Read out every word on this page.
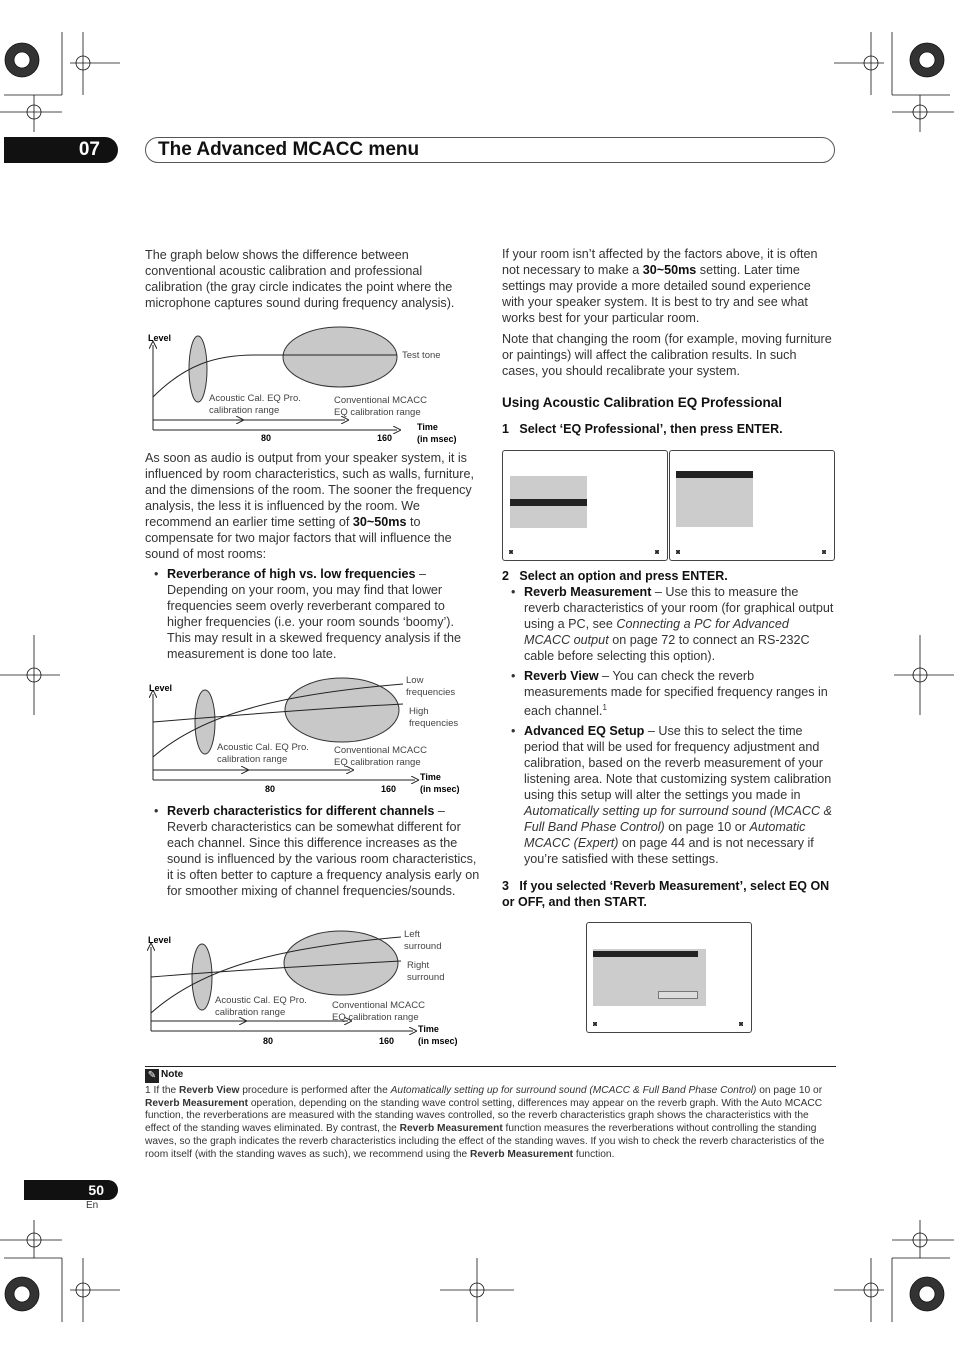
07	The Advanced MCACC menu
The graph below shows the difference between conventional acoustic calibration and professional calibration (the gray circle indicates the point where the microphone captures sound during frequency analysis).
Level
Test tone
Acoustic Cal. EQ Pro.
calibration range
Conventional MCACC
EQ calibration range
80	160
Time
(in msec)
As soon as audio is output from your speaker system, it is influenced by room characteristics, such as walls, furniture, and the dimensions of the room. The sooner the frequency analysis, the less it is influenced by the room. We recommend an earlier time setting of 30~50ms to compensate for two major factors that will influence the sound of most rooms:
• Reverberance of high vs. low frequencies – Depending on your room, you may find that lower frequencies seem overly reverberant compared to higher frequencies (i.e. your room sounds ‘boomy’). This may result in a skewed frequency analysis if the measurement is done too late.
Level
Low
frequencies
High
frequencies
Acoustic Cal. EQ Pro.
calibration range
Conventional MCACC
EQ calibration range
80	160
Time
(in msec)
• Reverb characteristics for different channels – Reverb characteristics can be somewhat different for each channel. Since this difference increases as the sound is influenced by the various room characteristics, it is often better to capture a frequency analysis early on for smoother mixing of channel frequencies/sounds.
Level	Left
surround
Right
surround
Acoustic Cal. EQ Pro.
calibration range
Conventional MCACC
EQ calibration range
80	160
Time
(in msec)
If your room isn’t affected by the factors above, it is often not necessary to make a 30~50ms setting. Later time settings may provide a more detailed sound experience with your speaker system. It is best to try and see what works best for your particular room.
Note that changing the room (for example, moving furniture or paintings) will affect the calibration results. In such cases, you should recalibrate your system.
Using Acoustic Calibration EQ Professional
1   Select ‘EQ Professional’, then press ENTER.
◙	◙ ◙	◙
2   Select an option and press ENTER.
• Reverb Measurement – Use this to measure the reverb characteristics of your room (for graphical output using a PC, see Connecting a PC for Advanced MCACC output on page 72 to connect an RS-232C cable before selecting this option).
• Reverb View – You can check the reverb measurements made for specified frequency ranges in each channel.$^1$
• Advanced EQ Setup – Use this to select the time period that will be used for frequency adjustment and calibration, based on the reverb measurement of your listening area. Note that customizing system calibration using this setup will alter the settings you made in Automatically setting up for surround sound (MCACC & Full Band Phase Control) on page 10 or Automatic MCACC (Expert) on page 44 and is not necessary if you’re satisfied with these settings.
3   If you selected ‘Reverb Measurement’, select EQ ON or OFF, and then START.
◙	◙
✎ Note
1 If the Reverb View procedure is performed after the Automatically setting up for surround sound (MCACC & Full Band Phase Control) on page 10 or Reverb Measurement operation, depending on the standing wave control setting, differences may appear on the reverb graph. With the Auto MCACC function, the reverberations are measured with the standing waves controlled, so the reverb characteristics graph shows the characteristics with the effect of the standing waves eliminated. By contrast, the Reverb Measurement function measures the reverberations without controlling the standing waves, so the graph indicates the reverb characteristics including the effect of the standing waves. If you wish to check the reverb characteristics of the room itself (with the standing waves as such), we recommend using the Reverb Measurement function.
50
En
